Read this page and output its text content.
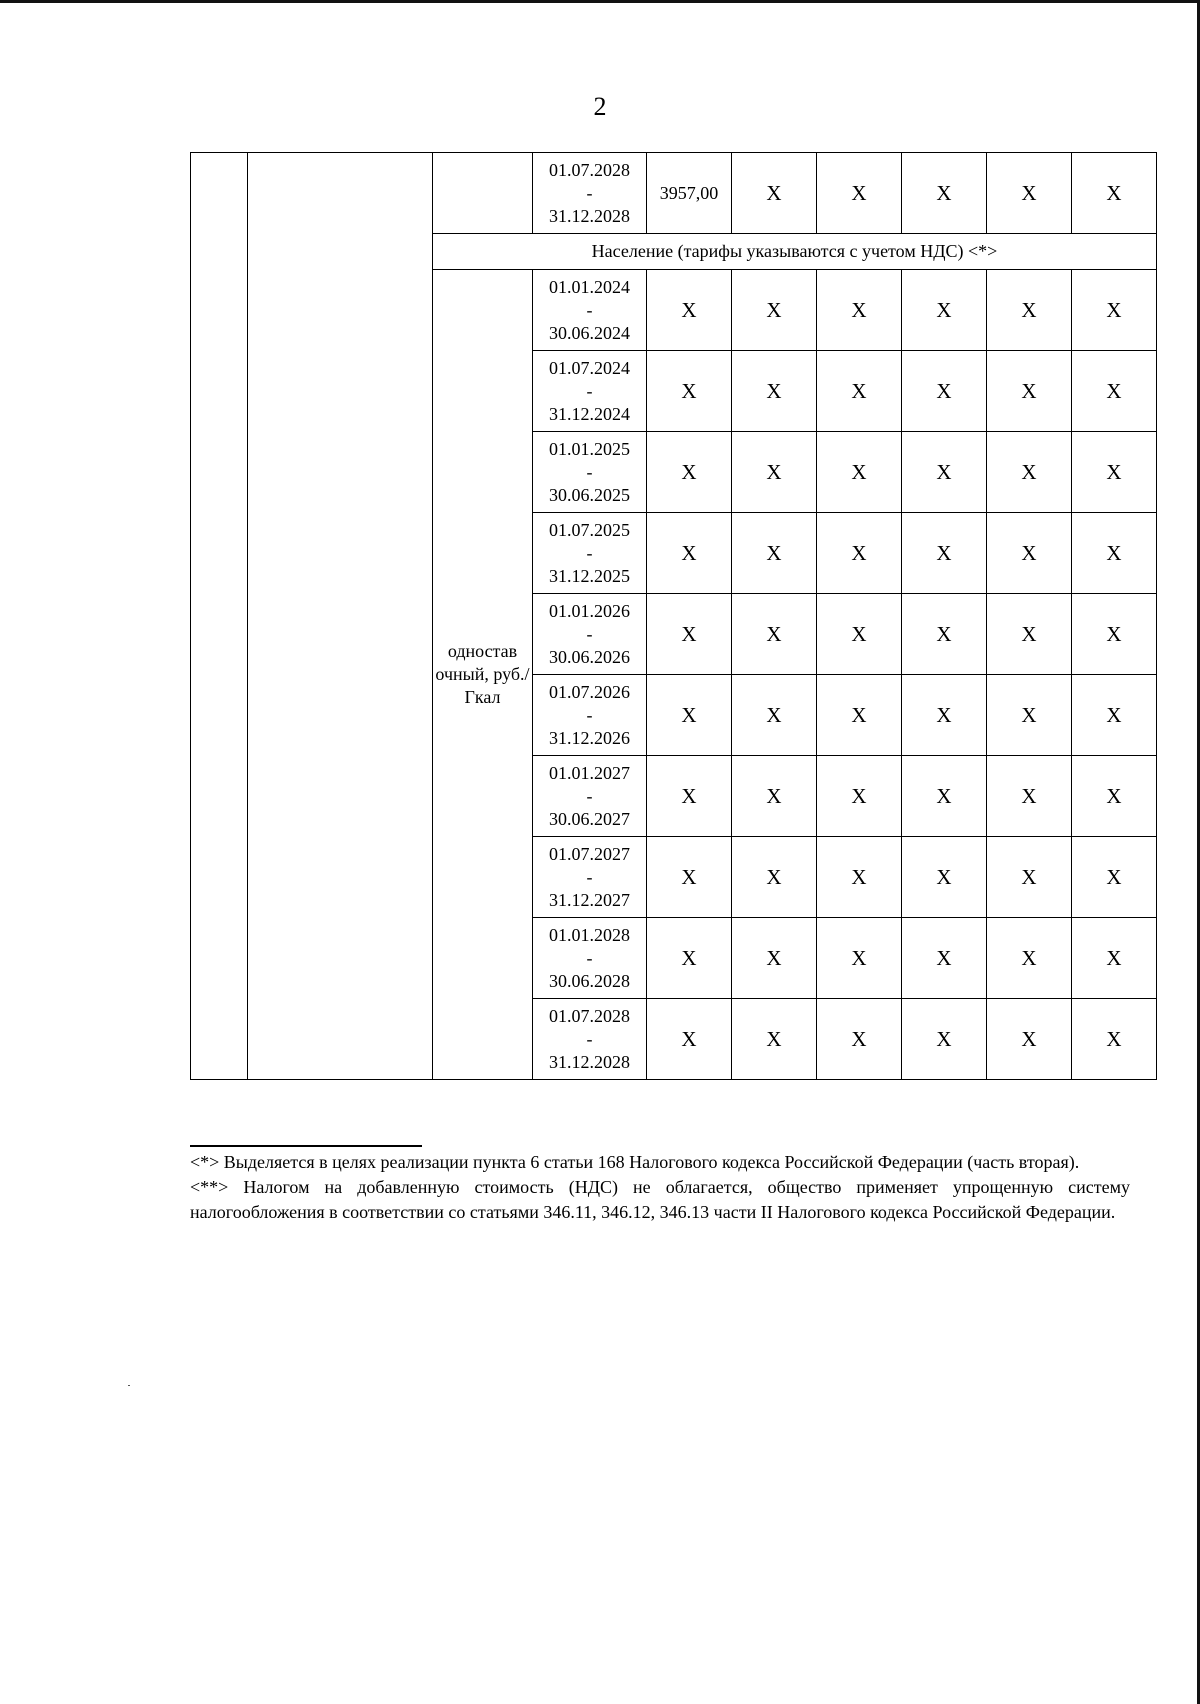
2

			01.07.2028
-
31.12.2028	3957,00	X	X	X	X	X
		Население (тарифы указываются с учетом НДС) <*>							
		одностав очный, руб./Гкал	01.01.2024
-
30.06.2024	X	X	X	X	X	X

			01.07.2024
-
31.12.2024	X	X	X	X	X	X

			01.01.2025
-
30.06.2025	X	X	X	X	X	X

			01.07.2025
-
31.12.2025	X	X	X	X	X	X

			01.01.2026
-
30.06.2026	X	X	X	X	X	X

			01.07.2026
-
31.12.2026	X	X	X	X	X	X

			01.01.2027
-
30.06.2027	X	X	X	X	X	X

			01.07.2027
-
31.12.2027	X	X	X	X	X	X

			01.01.2028
-
30.06.2028	X	X	X	X	X	X

			01.07.2028
-
31.12.2028	X	X	X	X	X	X

<*> Выделяется в целях реализации пункта 6 статьи 168 Налогового кодекса Российской Федерации (часть вторая).

<**> Налогом на добавленную стоимость (НДС) не облагается, общество применяет упрощенную систему налогообложения в соответствии со статьями 346.11, 346.12, 346.13 части II Налогового кодекса Российской Федерации.
